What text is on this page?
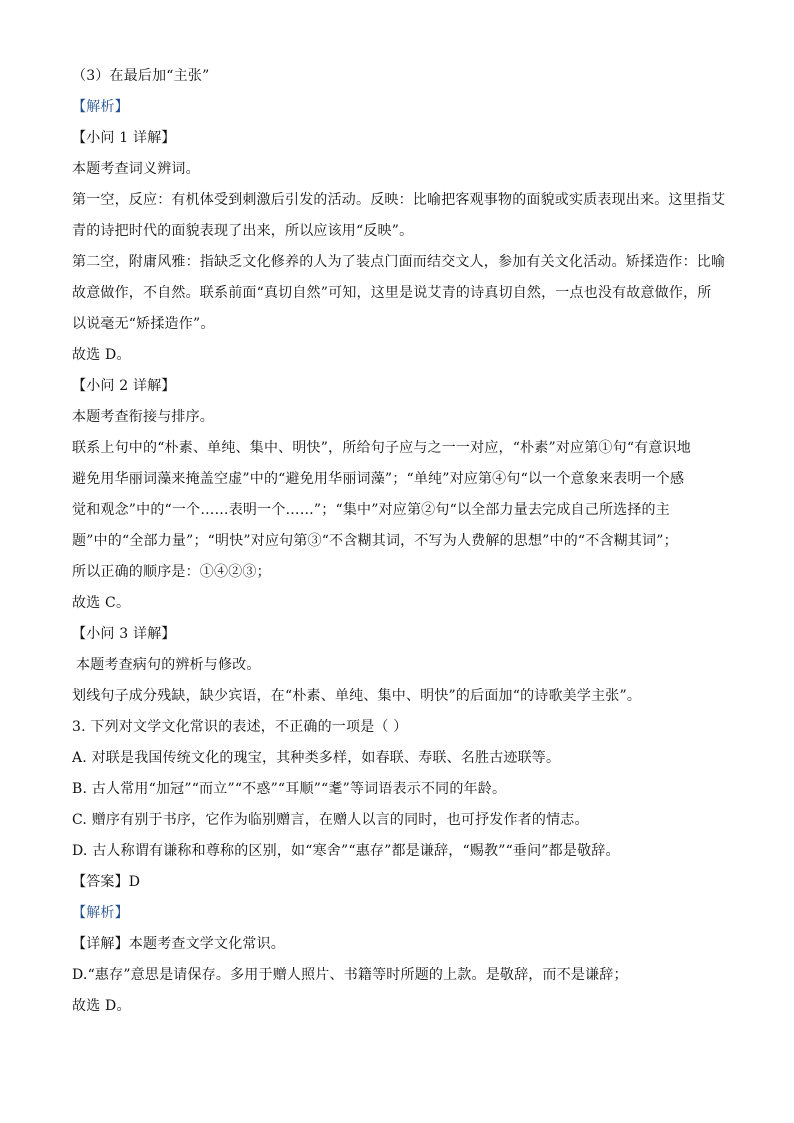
（3）在最后加“主张”
【解析】
【小问 1 详解】
本题考查词义辨词。
第一空，反应：有机体受到刺激后引发的活动。反映：比喻把客观事物的面貌或实质表现出来。这里指艾
青的诗把时代的面貌表现了出来，所以应该用“反映”。
第二空，附庸风雅：指缺乏文化修养的人为了装点门面而结交文人，参加有关文化活动。矫揉造作：比喻
故意做作，不自然。联系前面“真切自然”可知，这里是说艾青的诗真切自然，一点也没有故意做作，所
以说毫无“矫揉造作”。
故选 D。
【小问 2 详解】
本题考查衔接与排序。
联系上句中的“朴素、单纯、集中、明快”，所给句子应与之一一对应，“朴素”对应第①句“有意识地
避免用华丽词藻来掩盖空虚”中的“避免用华丽词藻”；“单纯”对应第④句“以一个意象来表明一个感
觉和观念”中的“一个……表明一个……”；“集中”对应第②句“以全部力量去完成自己所选择的主
题”中的“全部力量”；“明快”对应句第③“不含糊其词，不写为人费解的思想”中的“不含糊其词”；
所以正确的顺序是：①④②③；
故选 C。
【小问 3 详解】
本题考查病句的辨析与修改。
划线句子成分残缺，缺少宾语，在“朴素、单纯、集中、明快”的后面加“的诗歌美学主张”。
3. 下列对文学文化常识的表述，不正确的一项是（ ）
A. 对联是我国传统文化的瑰宝，其种类多样，如春联、寿联、名胜古迹联等。
B. 古人常用“加冠”“而立”“不惑”“耳顺”“耄”等词语表示不同的年龄。
C. 赠序有别于书序，它作为临别赠言，在赠人以言的同时，也可抒发作者的情志。
D. 古人称谓有谦称和尊称的区别，如“寒舍”“惠存”都是谦辞，“赐教”“垂问”都是敬辞。
【答案】D
【解析】
【详解】本题考查文学文化常识。
D.“惠存”意思是请保存。多用于赠人照片、书籍等时所题的上款。是敬辞，而不是谦辞；
故选 D。
